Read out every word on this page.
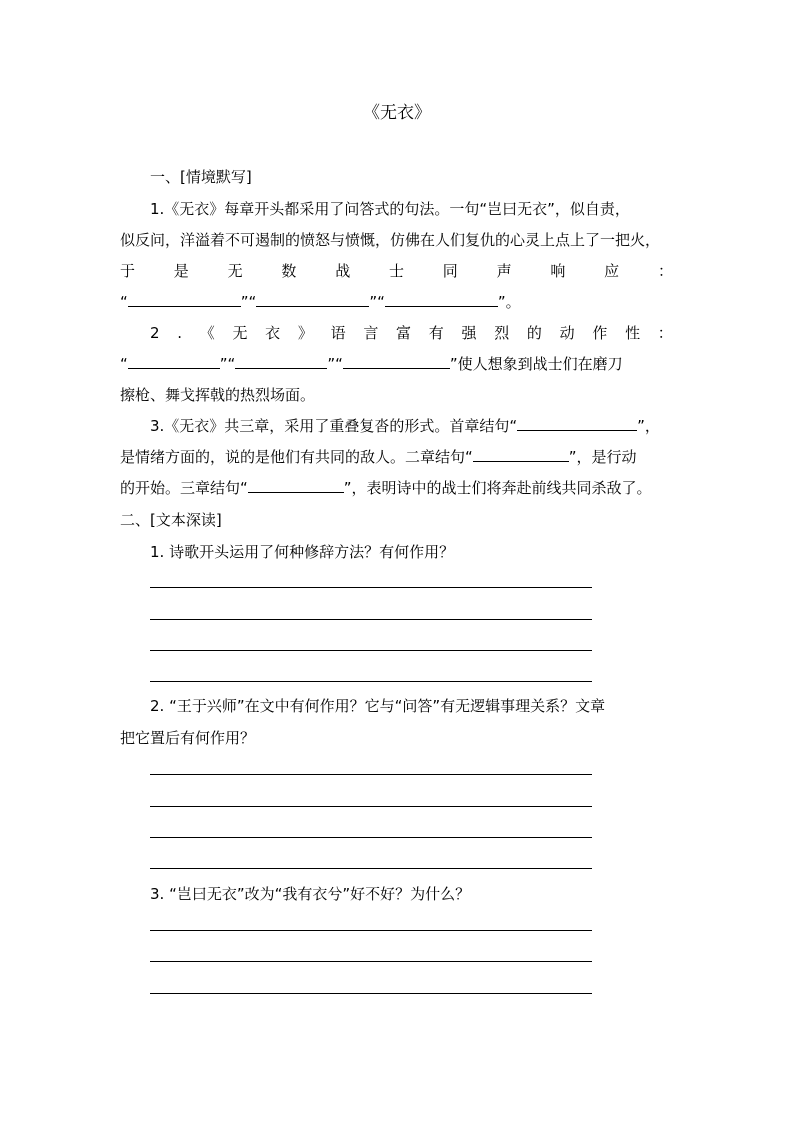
《无衣》
一、[情境默写]
1.《无衣》每章开头都采用了问答式的句法。一句“岂曰无衣”，似自责，
似反问，洋溢着不可遏制的愤怒与愤慨，仿佛在人们复仇的心灵上点上了一把火，
于	是	无	数	战	士	同	声	响	应	：
“	”“	”“	”。
2 . 《 无 衣 》 语 言 富 有 强 烈 的 动 作 性 ：
“	”“	”“	”使人想象到战士们在磨刀
擦枪、舞戈挥戟的热烈场面。
3.《无衣》共三章，采用了重叠复沓的形式。首章结句“	”，
是情绪方面的，说的是他们有共同的敌人。二章结句“	”，是行动
的开始。三章结句“	”，表明诗中的战士们将奔赴前线共同杀敌了。
二、[文本深读]
1. 诗歌开头运用了何种修辞方法？有何作用？
2. “王于兴师”在文中有何作用？它与“问答”有无逻辑事理关系？文章
把它置后有何作用？
3. “岂曰无衣”改为“我有衣兮”好不好？为什么？
